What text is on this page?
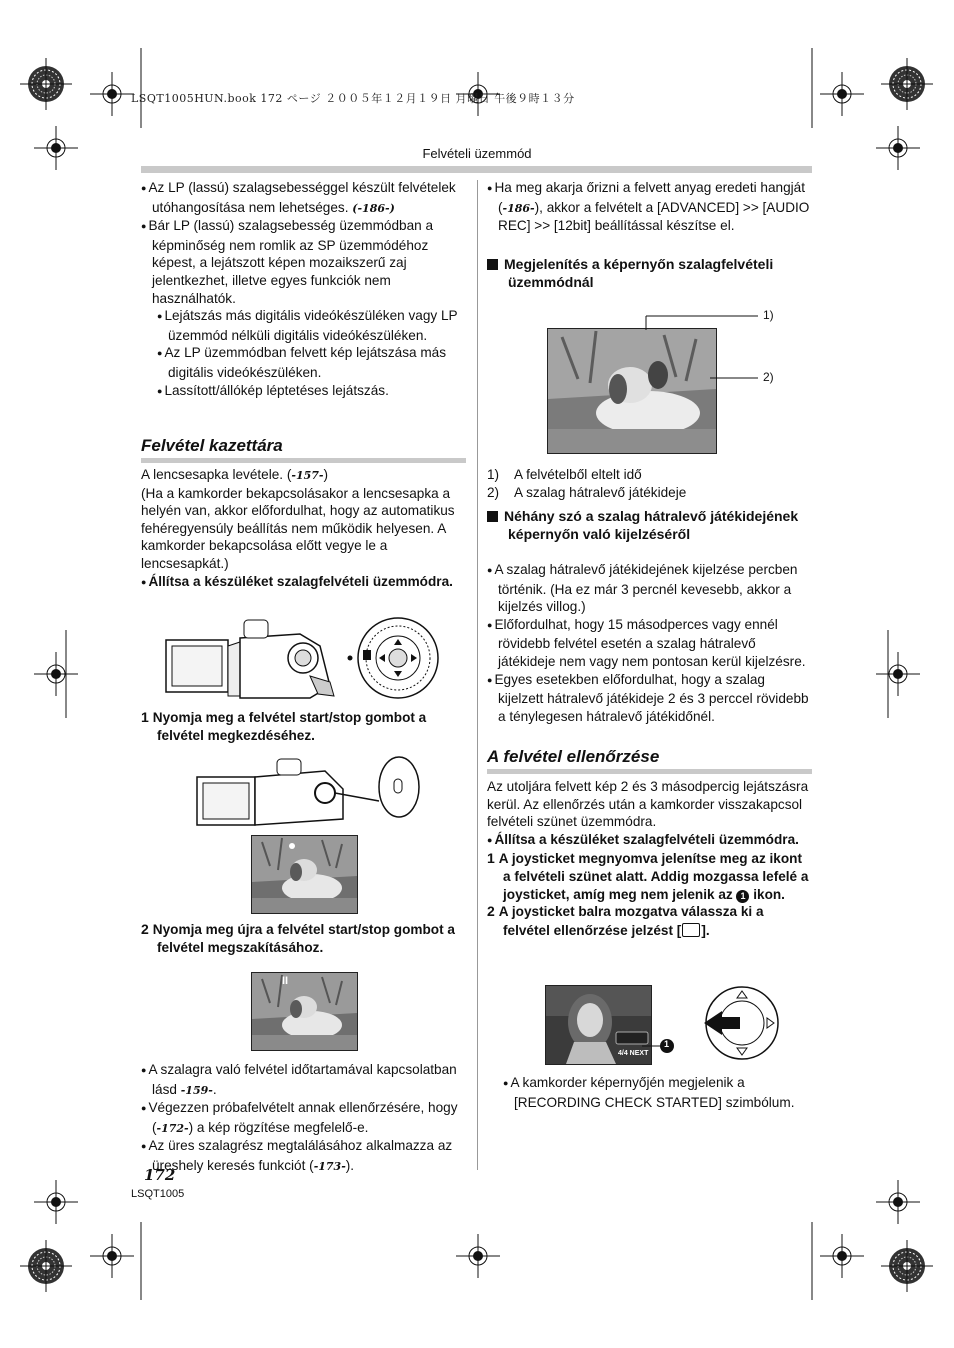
LSQT1005HUN.book 172 ページ ２００５年１２月１９日 月曜日 午後９時１３分
Felvételi üzemmód

● Az LP (lassú) szalagsebességgel készült felvételek utóhangosítása nem lehetséges. (-186-)

● Bár LP (lassú) szalagsebesség üzemmódban a képminőség nem romlik az SP üzemmódéhoz képest, a lejátszott képen mozaikszerű zaj jelentkezhet, illetve egyes funkciók nem használhatók.

● Lejátszás más digitális videókészüléken vagy LP üzemmód nélküli digitális videókészüléken.

● Az LP üzemmódban felvett kép lejátszása más digitális videókészüléken.

● Lassított/állókép léptetéses lejátszás.

Felvétel kazettára

A lencsesapka levétele. (-157-)

(Ha a kamkorder bekapcsolásakor a lencsesapka a helyén van, akkor előfordulhat, hogy az automatikus fehéregyensúly beállítás nem működik helyesen. A kamkorder bekapcsolása előtt vegye le a lencsesapkát.)

● Állítsa a készüléket szalagfelvételi üzemmódra.

1 Nyomja meg a felvétel start/stop gombot a felvétel megkezdéséhez.

2 Nyomja meg újra a felvétel start/stop gombot a felvétel megszakításához.

II

● A szalagra való felvétel időtartamával kapcsolatban lásd -159-.

● Végezzen próbafelvételt annak ellenőrzésére, hogy (-172-) a kép rögzítése megfelelő-e.

● Az üres szalagrész megtalálásához alkalmazza az üreshely keresés funkciót (-173-).

172
LSQT1005

● Ha meg akarja őrizni a felvett anyag eredeti hangját (-186-), akkor a felvételt a [ADVANCED] >> [AUDIO REC] >> [12bit] beállítással készítse el.

Megjelenítés a képernyőn szalagfelvételi üzemmódnál

1)
2)

1) A felvételből eltelt idő

2) A szalag hátralevő játékideje

Néhány szó a szalag hátralevő játékidejének képernyőn való kijelzéséről

● A szalag hátralevő játékidejének kijelzése percben történik. (Ha ez már 3 percnél kevesebb, akkor a kijelzés villog.)

● Előfordulhat, hogy 15 másodperces vagy ennél rövidebb felvétel esetén a szalag hátralevő játékideje nem vagy nem pontosan kerül kijelzésre.

● Egyes esetekben előfordulhat, hogy a szalag kijelzett hátralevő játékideje 2 és 3 perccel rövidebb a ténylegesen hátralevő játékidőnél.

A felvétel ellenőrzése

Az utoljára felvett kép 2 és 3 másodpercig lejátszásra kerül. Az ellenőrzés után a kamkorder visszakapcsol felvételi szünet üzemmódra.

● Állítsa a készüléket szalagfelvételi üzemmódra.

1 A joysticket megnyomva jelenítse meg az ikont a felvételi szünet alatt. Addig mozgassa lefelé a joysticket, amíg meg nem jelenik az 1 ikon.

2 A joysticket balra mozgatva válassza ki a felvétel ellenőrzése jelzést [ ].

4/4 NEXT
1

● A kamkorder képernyőjén megjelenik a [RECORDING CHECK STARTED] szimbólum.
